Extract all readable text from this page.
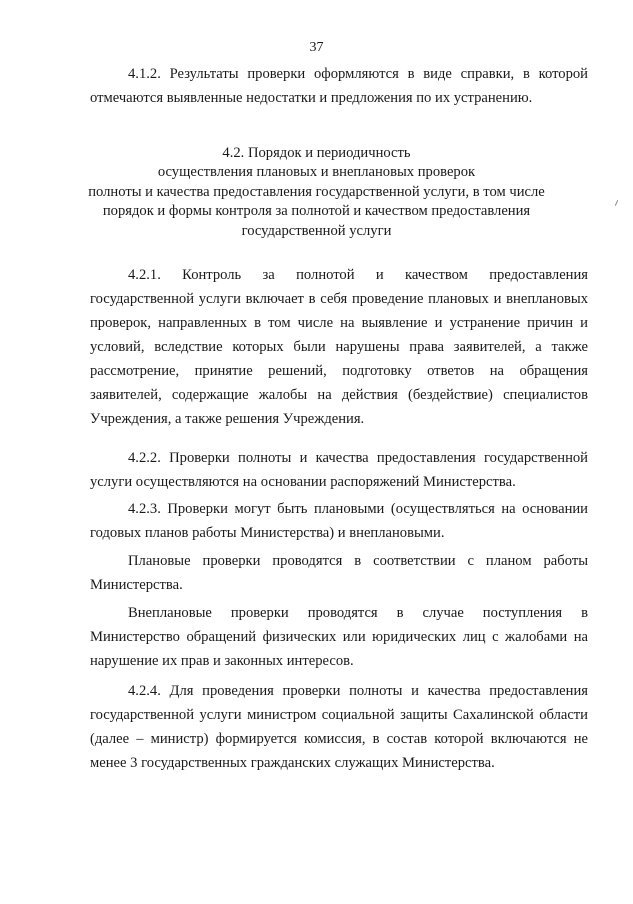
37

4.1.2. Результаты проверки оформляются в виде справки, в которой отмечаются выявленные недостатки и предложения по их устранению.

4.2. Порядок и периодичность
осуществления плановых и внеплановых проверок
полноты и качества предоставления государственной услуги, в том числе
порядок и формы контроля за полнотой и качеством предоставления
государственной услуги

4.2.1. Контроль за полнотой и качеством предоставления государственной услуги включает в себя проведение плановых и внеплановых проверок, направленных в том числе на выявление и устранение причин и условий, вследствие которых были нарушены права заявителей, а также рассмотрение, принятие решений, подготовку ответов на обращения заявителей, содержащие жалобы на действия (бездействие) специалистов Учреждения, а также решения Учреждения.

4.2.2. Проверки полноты и качества предоставления государственной услуги осуществляются на основании распоряжений Министерства.

4.2.3. Проверки могут быть плановыми (осуществляться на основании годовых планов работы Министерства) и внеплановыми.

Плановые проверки проводятся в соответствии с планом работы Министерства.

Внеплановые проверки проводятся в случае поступления в Министерство обращений физических или юридических лиц с жалобами на нарушение их прав и законных интересов.

4.2.4. Для проведения проверки полноты и качества предоставления государственной услуги министром социальной защиты Сахалинской области (далее – министр) формируется комиссия, в состав которой включаются не менее 3 государственных гражданских служащих Министерства.
